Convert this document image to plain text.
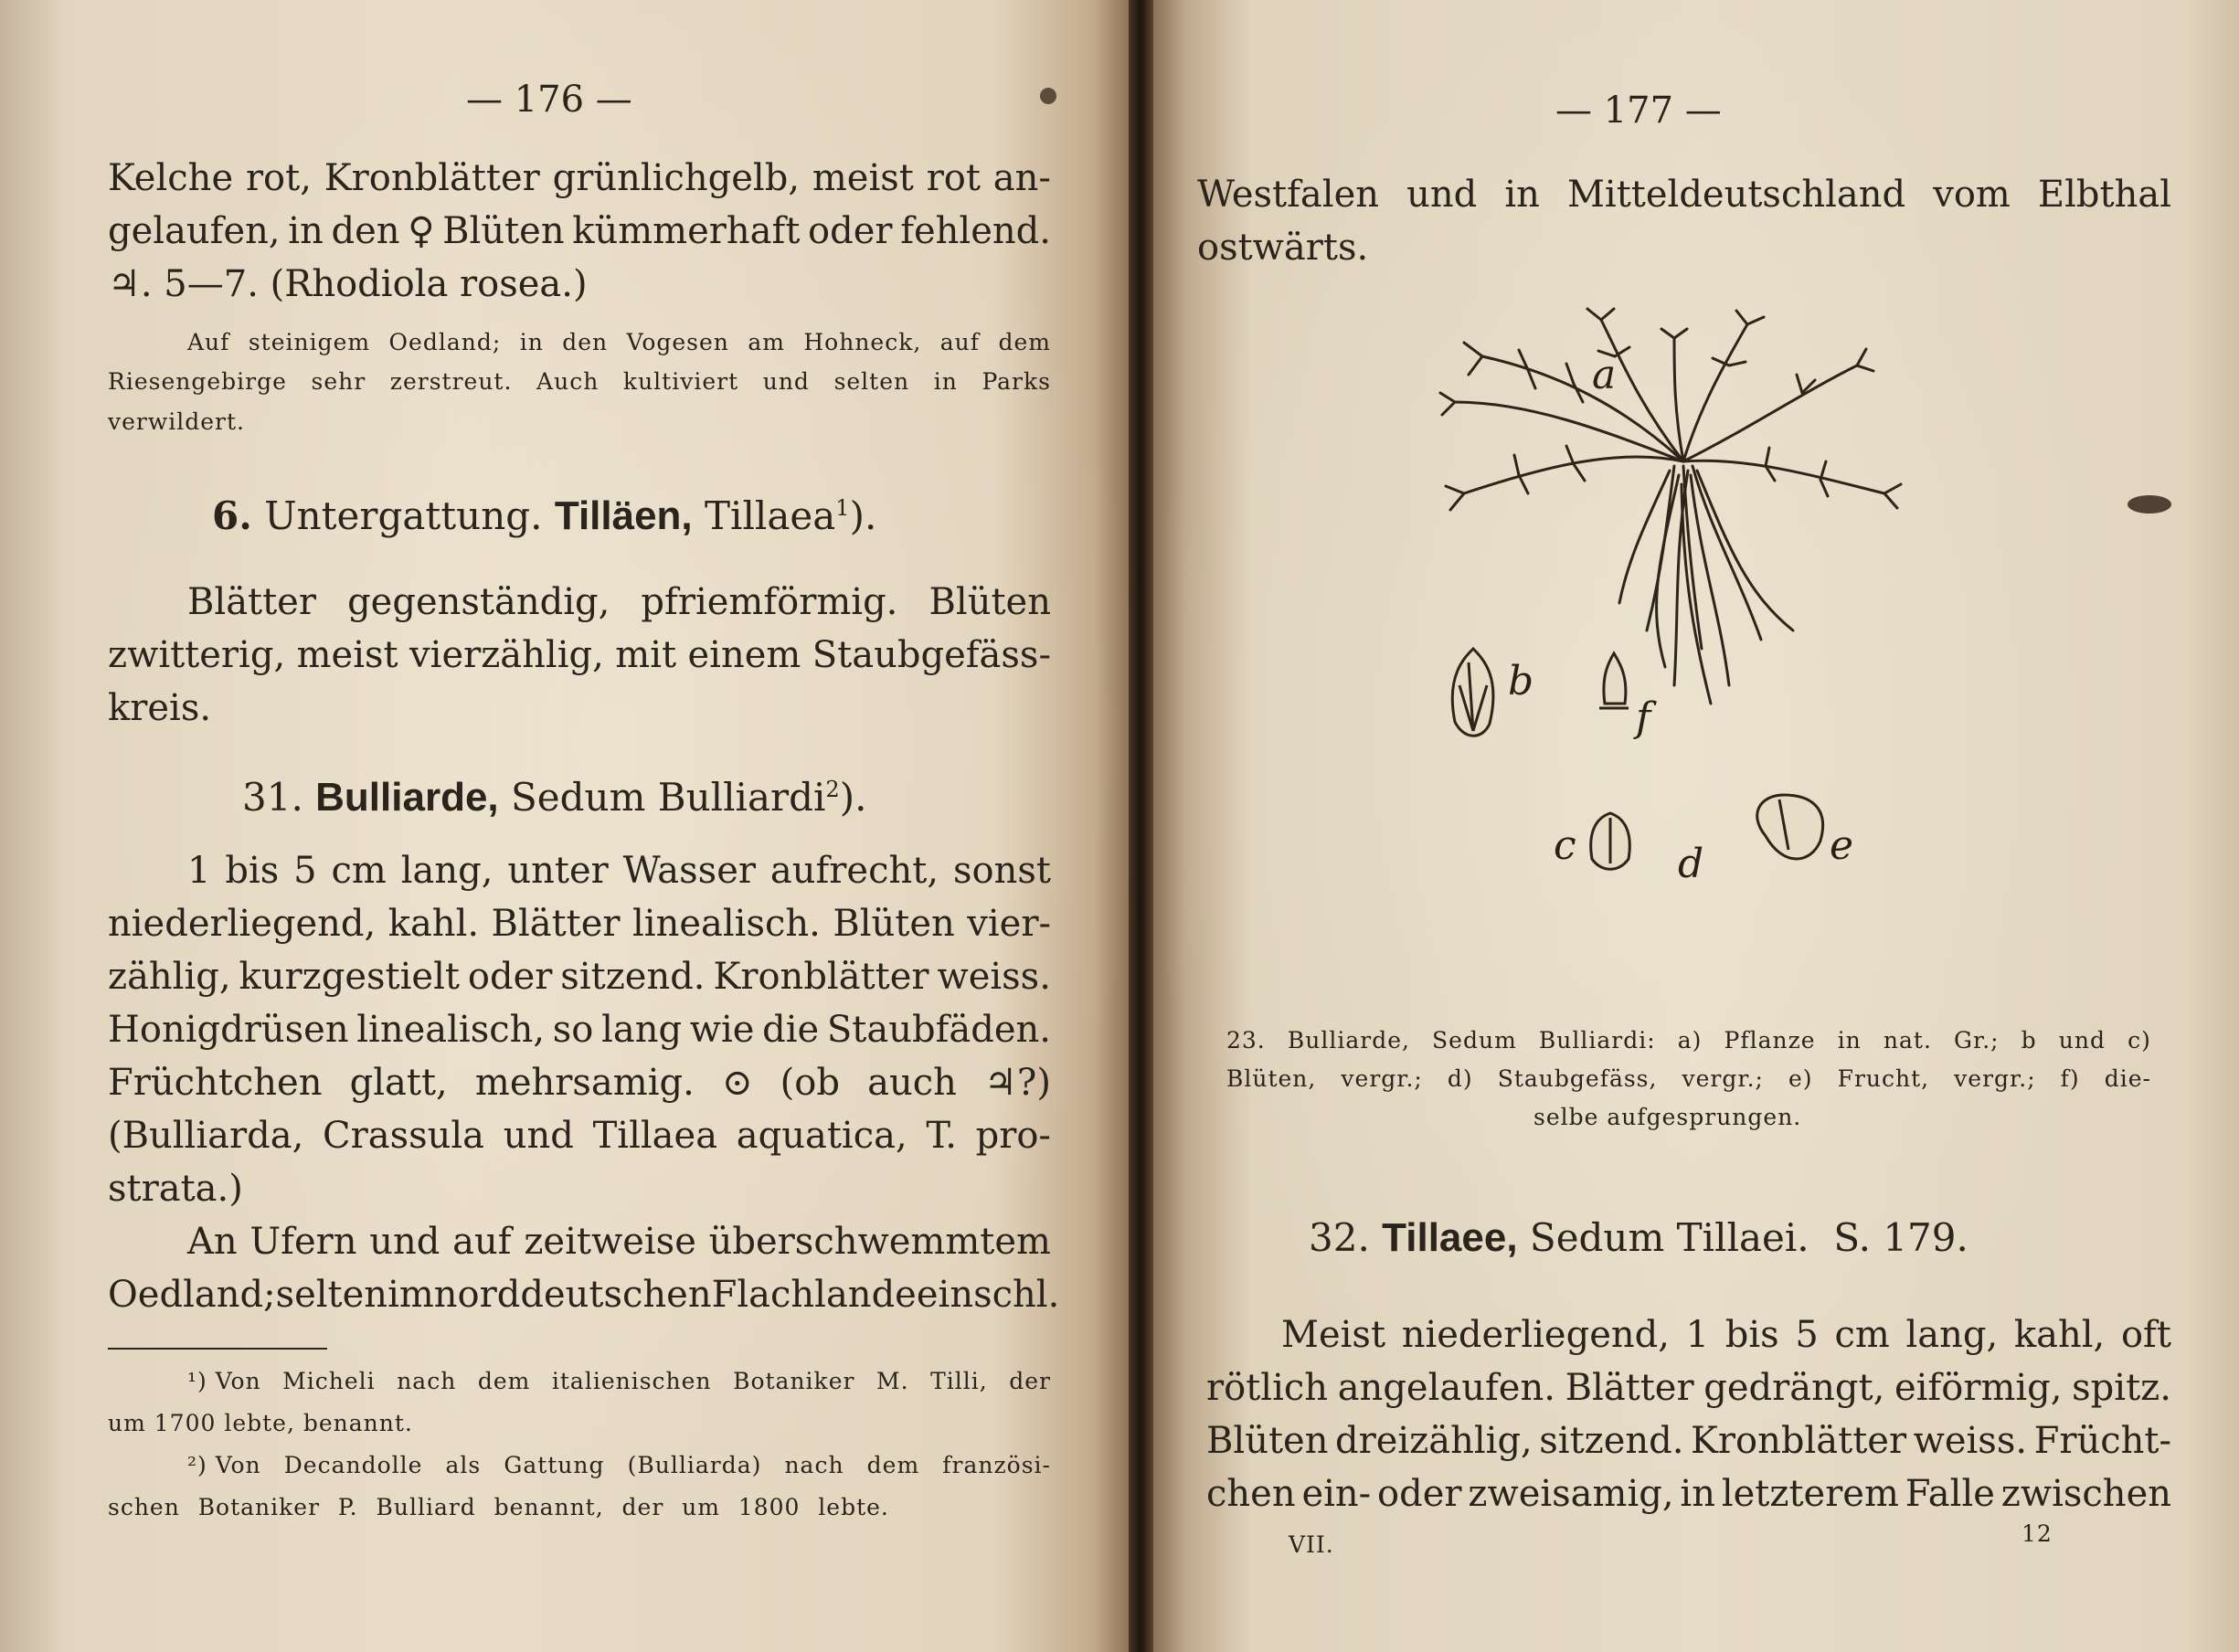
— 176 —
Kelche rot, Kronblätter grünlichgelb, meist rot an-
gelaufen, in den ♀ Blüten kümmerhaft oder fehlend.
♃. 5—7. (Rhodiola rosea.)
Auf steinigem Oedland; in den Vogesen am Hohneck, auf dem
Riesengebirge sehr zerstreut. Auch kultiviert und selten in Parks
verwildert.
6. Untergattung. Tilläen, Tillaea$^1$).
Blätter gegenständig, pfriemförmig. Blüten
zwitterig, meist vierzählig, mit einem Staubgefäss-
kreis.
31. Bulliarde, Sedum Bulliardi$^2$).
1 bis 5 cm lang, unter Wasser aufrecht, sonst
niederliegend, kahl. Blätter linealisch. Blüten vier-
zählig, kurzgestielt oder sitzend. Kronblätter weiss.
Honigdrüsen linealisch, so lang wie die Staubfäden.
Früchtchen glatt, mehrsamig. ⊙ (ob auch ♃?)
(Bulliarda, Crassula und Tillaea aquatica, T. pro-
strata.)
An Ufern und auf zeitweise überschwemmtem
Oedland; selten im norddeutschen Flachlande einschl.
¹) Von Micheli nach dem italienischen Botaniker M. Tilli, der
um 1700 lebte, benannt.
²) Von Decandolle als Gattung (Bulliarda) nach dem französi-
schen Botaniker P. Bulliard benannt, der um 1800 lebte.
— 177 —
Westfalen und in Mitteldeutschland vom Elbthal
ostwärts.
a
b
f
c	d	e
23. Bulliarde, Sedum Bulliardi: a) Pflanze in nat. Gr.; b und c)
Blüten, vergr.; d) Staubgefäss, vergr.; e) Frucht, vergr.; f) die-
selbe aufgesprungen.
32. Tillaee, Sedum Tillaei. S. 179.
Meist niederliegend, 1 bis 5 cm lang, kahl, oft
rötlich angelaufen. Blätter gedrängt, eiförmig, spitz.
Blüten dreizählig, sitzend. Kronblätter weiss. Frücht-
chen ein- oder zweisamig, in letzterem Falle zwischen
VII.	12
